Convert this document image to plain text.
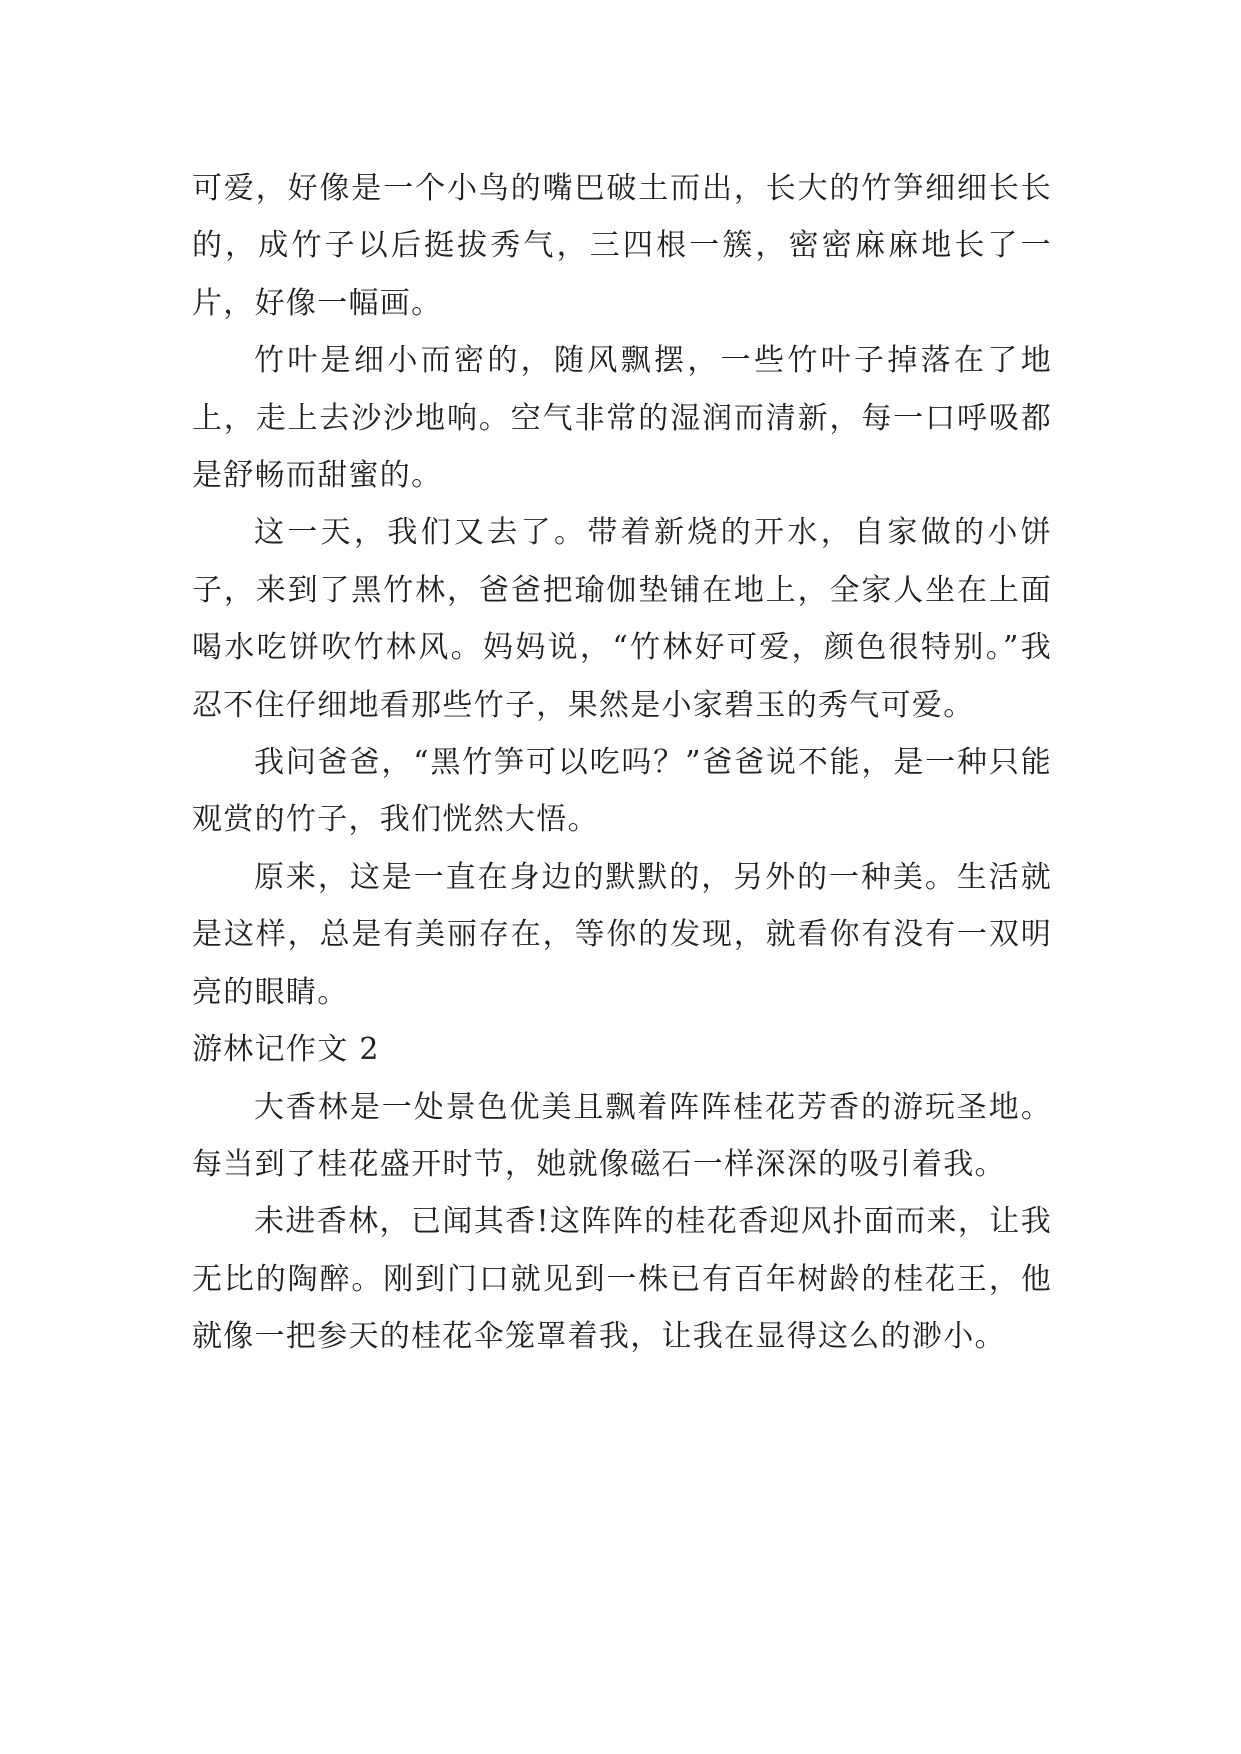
可爱，好像是一个小鸟的嘴巴破土而出，长大的竹笋细细长长的，成竹子以后挺拔秀气，三四根一簇，密密麻麻地长了一片，好像一幅画。

竹叶是细小而密的，随风飘摆，一些竹叶子掉落在了地上，走上去沙沙地响。空气非常的湿润而清新，每一口呼吸都是舒畅而甜蜜的。

这一天，我们又去了。带着新烧的开水，自家做的小饼子，来到了黑竹林，爸爸把瑜伽垫铺在地上，全家人坐在上面喝水吃饼吹竹林风。妈妈说，“竹林好可爱，颜色很特别。”我忍不住仔细地看那些竹子，果然是小家碧玉的秀气可爱。

我问爸爸，“黑竹笋可以吃吗？”爸爸说不能，是一种只能观赏的竹子，我们恍然大悟。

原来，这是一直在身边的默默的，另外的一种美。生活就是这样，总是有美丽存在，等你的发现，就看你有没有一双明亮的眼睛。

游林记作文 2

大香林是一处景色优美且飘着阵阵桂花芳香的游玩圣地。每当到了桂花盛开时节，她就像磁石一样深深的吸引着我。

未进香林，已闻其香!这阵阵的桂花香迎风扑面而来，让我无比的陶醉。刚到门口就见到一株已有百年树龄的桂花王，他就像一把参天的桂花伞笼罩着我，让我在显得这么的渺小。
